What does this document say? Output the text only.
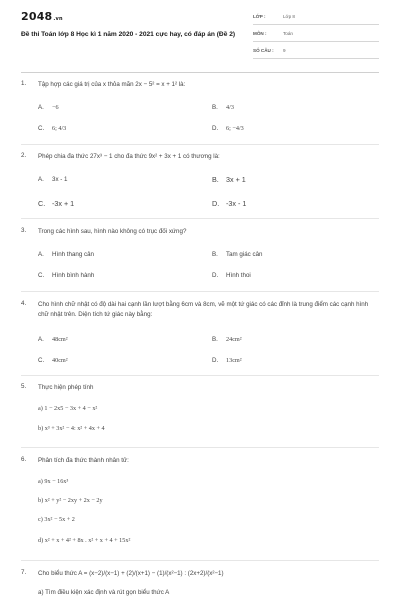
2048.vn
Đề thi Toán lớp 8 Học kì 1 năm 2020 - 2021 cực hay, có đáp án (Đề 2)
LỚP :	Lớp 8
MÔN :	Toán
SỐ CÂU : 9
1. Tập hợp các giá trị của x thỏa mãn 2x − 5² = x + 1² là:
A. −6	B. 4/3
C. 6; 4/3	D. 6; −4/3
2. Phép chia đa thức 27x³ − 1 cho đa thức 9x² + 3x + 1 có thương là:
A. 3x - 1	B. 3x + 1
C. -3x + 1	D. -3x - 1
3. Trong các hình sau, hình nào không có trục đối xứng?
A. Hình thang cân	B. Tam giác cân
C. Hình bình hành	D. Hình thoi
4. Cho hình chữ nhật có độ dài hai cạnh lần lượt bằng 6cm và 8cm, vẽ một tứ giác có các đỉnh là trung điểm các cạnh hình chữ nhật trên. Diện tích tứ giác này bằng:
A. 48cm²	B. 24cm²
C. 40cm²	D. 13cm²
5. Thực hiện phép tính
a) 1 − 2x5 − 3x + 4 − x²
b) x³ + 3x² − 4: x² + 4x + 4
6. Phân tích đa thức thành nhân tử:
a) 9x − 16x³
b) x² + y² − 2xy + 2x − 2y
c) 3x² − 5x + 2
d) x² + x + 4² + 8x . x² + x + 4 + 15x²
7. Cho biểu thức A = (x−2)/(x−1) + (2)/(x+1) − (1)/(x²−1) : (2x+2)/(x²−1)
a) Tìm điều kiện xác định và rút gọn biểu thức A
